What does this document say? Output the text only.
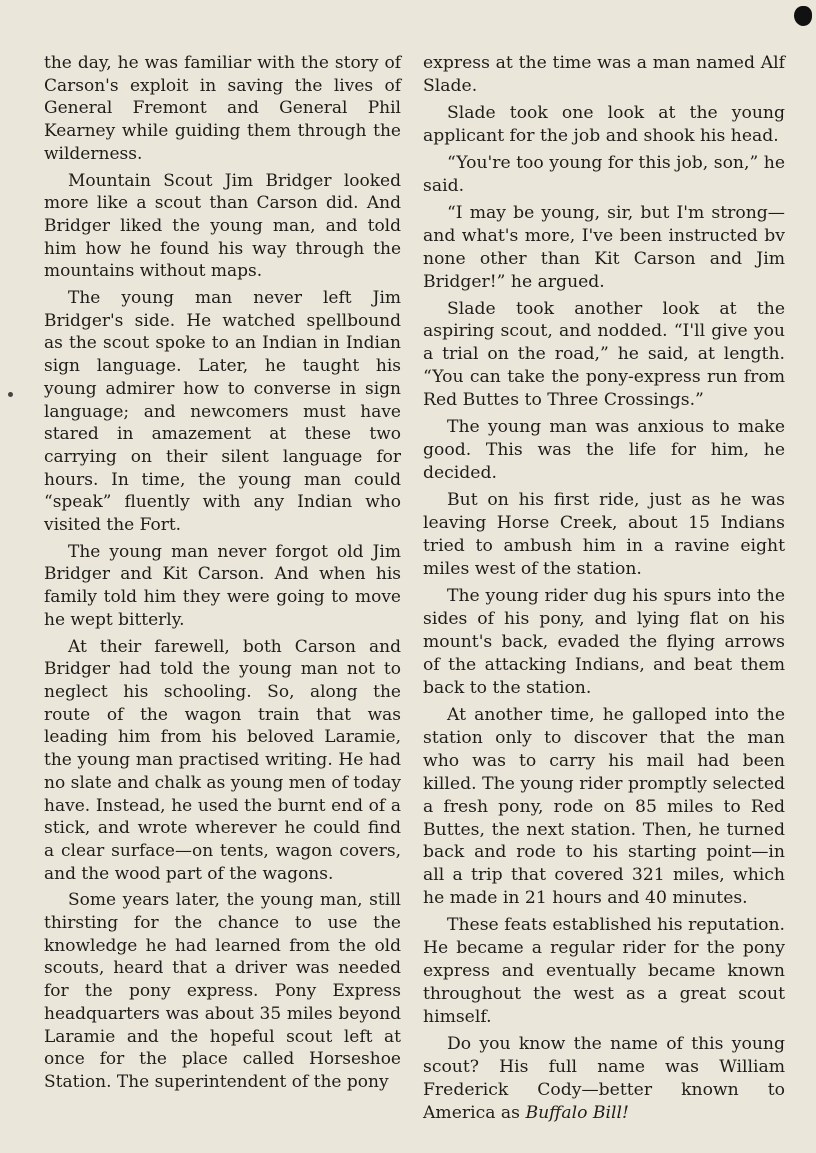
the day, he was familiar with the story of Carson's exploit in saving the lives of General Fremont and General Phil Kearney while guiding them through the wilderness.

Mountain Scout Jim Bridger looked more like a scout than Carson did. And Bridger liked the young man, and told him how he found his way through the mountains without maps.

The young man never left Jim Bridger's side. He watched spellbound as the scout spoke to an Indian in Indian sign language. Later, he taught his young admirer how to converse in sign language; and newcomers must have stared in amazement at these two carrying on their silent language for hours. In time, the young man could “speak” fluently with any Indian who visited the Fort.

The young man never forgot old Jim Bridger and Kit Carson. And when his family told him they were going to move he wept bitterly.

At their farewell, both Carson and Bridger had told the young man not to neglect his schooling. So, along the route of the wagon train that was leading him from his beloved Laramie, the young man practised writing. He had no slate and chalk as young men of today have. Instead, he used the burnt end of a stick, and wrote wherever he could find a clear surface—on tents, wagon covers, and the wood part of the wagons.

Some years later, the young man, still thirsting for the chance to use the knowledge he had learned from the old scouts, heard that a driver was needed for the pony express. Pony Express headquarters was about 35 miles beyond Laramie and the hopeful scout left at once for the place called Horseshoe Station. The superintendent of the pony

express at the time was a man named Alf Slade.

Slade took one look at the young applicant for the job and shook his head.

“You're too young for this job, son,” he said.

“I may be young, sir, but I'm strong—and what's more, I've been instructed bv none other than Kit Carson and Jim Bridger!” he argued.

Slade took another look at the aspiring scout, and nodded. “I'll give you a trial on the road,” he said, at length. “You can take the pony-express run from Red Buttes to Three Crossings.”

The young man was anxious to make good. This was the life for him, he decided.

But on his first ride, just as he was leaving Horse Creek, about 15 Indians tried to ambush him in a ravine eight miles west of the station.

The young rider dug his spurs into the sides of his pony, and lying flat on his mount's back, evaded the flying arrows of the attacking Indians, and beat them back to the station.

At another time, he galloped into the station only to discover that the man who was to carry his mail had been killed. The young rider promptly selected a fresh pony, rode on 85 miles to Red Buttes, the next station. Then, he turned back and rode to his starting point—in all a trip that covered 321 miles, which he made in 21 hours and 40 minutes.

These feats established his reputation. He became a regular rider for the pony express and eventually became known throughout the west as a great scout himself.

Do you know the name of this young scout? His full name was William Frederick Cody—better known to America as Buffalo Bill!
